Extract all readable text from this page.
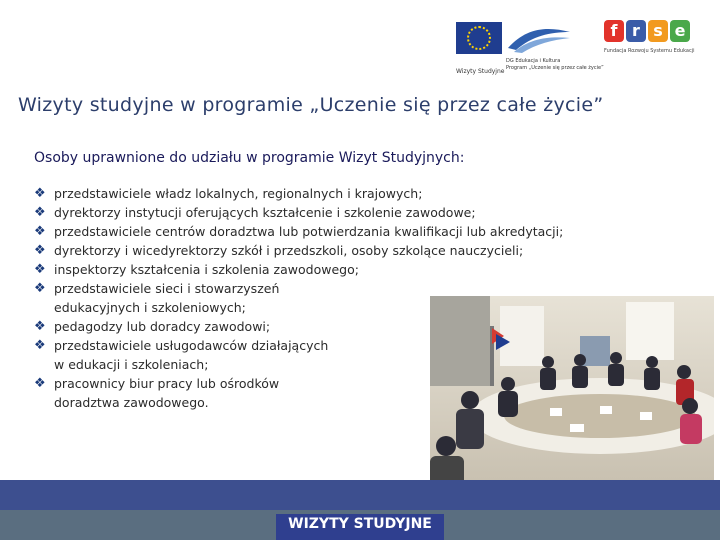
DG Edukacja i Kultura
Program „Uczenie się przez całe życie”
Wizyty Studyjne
f r s e
Fundacja Rozwoju Systemu Edukacji
Wizyty studyjne w programie „Uczenie się przez całe życie”
Osoby uprawnione do udziału w programie Wizyt Studyjnych:
❖ przedstawiciele władz lokalnych, regionalnych i krajowych;
❖ dyrektorzy instytucji oferujących kształcenie i szkolenie zawodowe;
❖ przedstawiciele centrów doradztwa lub potwierdzania kwalifikacji lub akredytacji;
❖ dyrektorzy i wicedyrektorzy szkół i przedszkoli, osoby szkolące nauczycieli;
❖ inspektorzy kształcenia i szkolenia zawodowego;
❖ przedstawiciele sieci i stowarzyszeń
edukacyjnych i szkoleniowych;
❖ pedagodzy lub doradcy zawodowi;
❖ przedstawiciele usługodawców działających
w edukacji i szkoleniach;
❖ pracownicy biur pracy lub ośrodków
doradztwa zawodowego.
WIZYTY STUDYJNE
